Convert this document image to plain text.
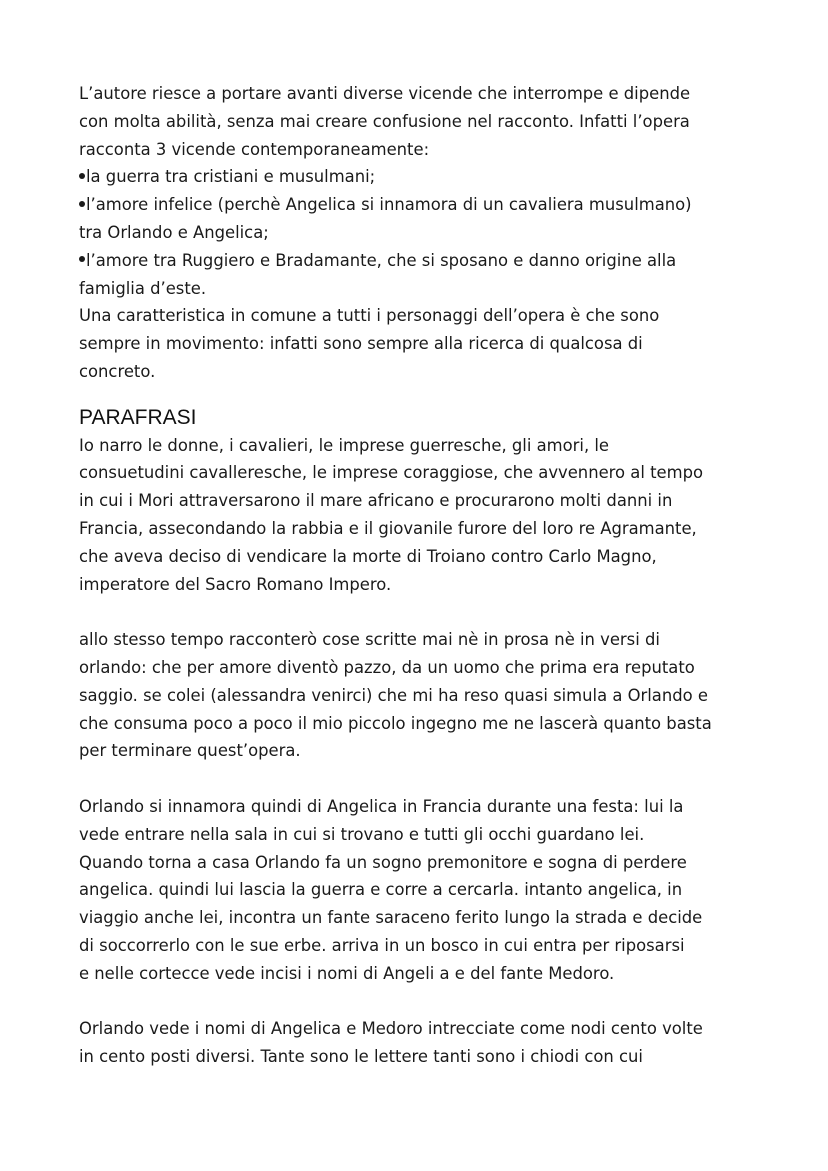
L’autore riesce a portare avanti diverse vicende che interrompe e dipende
con molta abilità, senza mai creare confusione nel racconto. Infatti l’opera
racconta 3 vicende contemporaneamente:
la guerra tra cristiani e musulmani;
l’amore infelice (perchè Angelica si innamora di un cavaliera musulmano)
tra Orlando e Angelica;
l’amore tra Ruggiero e Bradamante, che si sposano e danno origine alla
famiglia d’este.
Una caratteristica in comune a tutti i personaggi dell’opera è che sono
sempre in movimento: infatti sono sempre alla ricerca di qualcosa di
concreto.
PARAFRASI
Io narro le donne, i cavalieri, le imprese guerresche, gli amori, le
consuetudini cavalleresche, le imprese coraggiose, che avvennero al tempo
in cui i Mori attraversarono il mare africano e procurarono molti danni in
Francia, assecondando la rabbia e il giovanile furore del loro re Agramante,
che aveva deciso di vendicare la morte di Troiano contro Carlo Magno,
imperatore del Sacro Romano Impero.
allo stesso tempo racconterò cose scritte mai nè in prosa nè in versi di
orlando: che per amore diventò pazzo, da un uomo che prima era reputato
saggio. se colei (alessandra venirci) che mi ha reso quasi simula a Orlando e
che consuma poco a poco il mio piccolo ingegno me ne lascerà quanto basta
per terminare quest’opera.
Orlando si innamora quindi di Angelica in Francia durante una festa: lui la
vede entrare nella sala in cui si trovano e tutti gli occhi guardano lei.
Quando torna a casa Orlando fa un sogno premonitore e sogna di perdere
angelica. quindi lui lascia la guerra e corre a cercarla. intanto angelica, in
viaggio anche lei, incontra un fante saraceno ferito lungo la strada e decide
di soccorrerlo con le sue erbe. arriva in un bosco in cui entra per riposarsi
e nelle cortecce vede incisi i nomi di Angeli a e del fante Medoro.
Orlando vede i nomi di Angelica e Medoro intrecciate come nodi cento volte
in cento posti diversi. Tante sono le lettere tanti sono i chiodi con cui
